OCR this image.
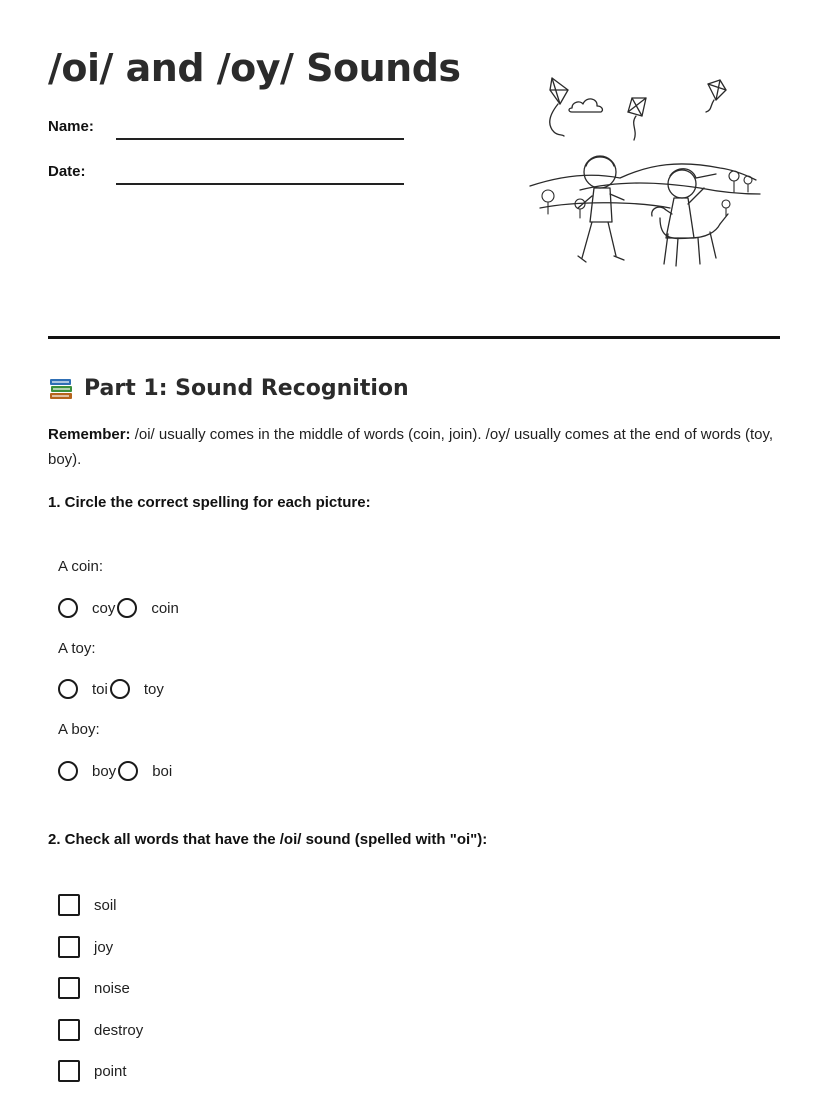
/oi/ and /oy/ Sounds
Name:
Date:
Part 1: Sound Recognition

Remember: /oi/ usually comes in the middle of words (coin, join). /oy/ usually comes at the end of words (toy, boy).

1. Circle the correct spelling for each picture:

A coin:
coy coin
A toy:
toi toy
A boy:
boy boi

2. Check all words that have the /oi/ sound (spelled with "oi"):

soil
joy
noise
destroy
point
